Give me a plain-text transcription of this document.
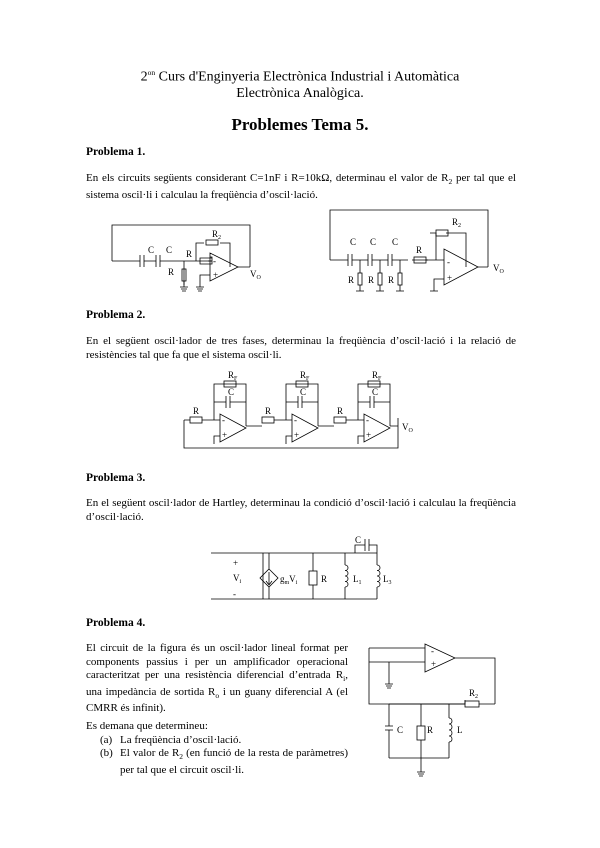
$2^{on}$ Curs d'Enginyeria Electrònica Industrial i Automàtica
Electrònica Analògica.
Problemes Tema 5.
Problema 1.
En els circuits següents considerant C=1nF i R=10kΩ, determinau el valor de $R_2$ per tal que el sistema oscil·li i calculau la freqüència d’oscil·lació.
C C
R
R
$R_2$
-
+	$V_O$
C C C
R R R
R
$R_2$
-
+
$V_O$
Problema 2.
En el següent oscil·lador de tres fases, determinau la freqüència d’oscil·lació i la relació de resistències tal que fa que el sistema oscil·li.
$R_F$	$R_F$	$R_F$
C	C	C
R	R	R
-
+
-
+
-
+
$V_O$
Problema 3.
En el següent oscil·lador de Hartley, determinau la condició d’oscil·lació i calculau la freqüència d’oscil·lació.
+
$V_i$
-
$g_mV_i$	R
C
$L_1$ $L_3$
Problema 4.
El circuit de la figura és un oscil·lador lineal format per components passius i per un amplificador operacional caracteritzat per una resistència diferencial d’entrada $R_i$, una impedància de sortida $R_o$ i un guany diferencial A (el CMRR és infinit).
Es demana que determineu:
(a) La freqüència d’oscil·lació.
(b) El valor de $R_2$ (en funció de la resta de paràmetres) per tal que el circuit oscil·li.
-
+
$R_2$
C	R	L
